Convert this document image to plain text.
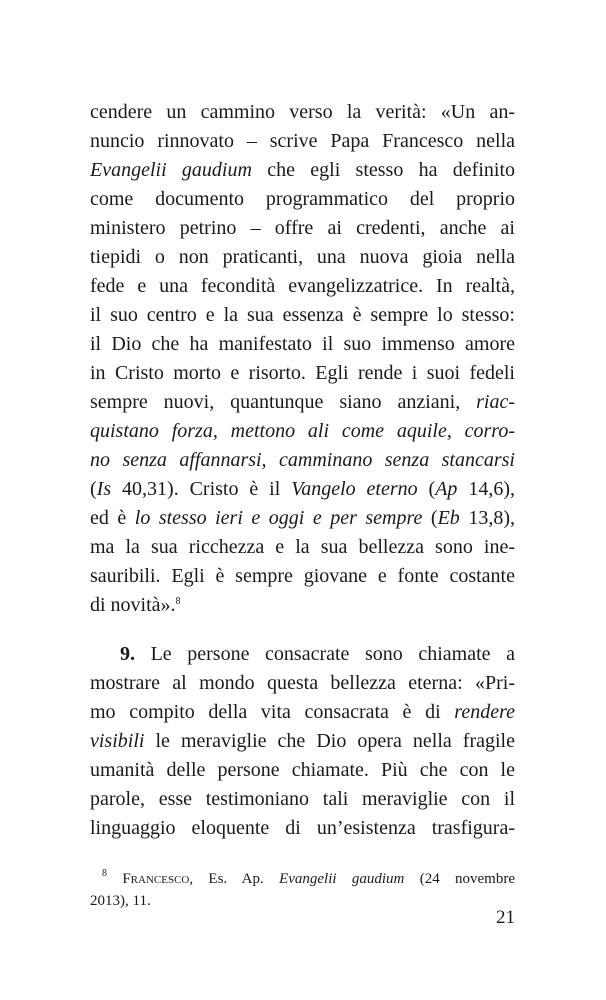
cendere un cammino verso la verità: «Un an-
nuncio rinnovato – scrive Papa Francesco nella
Evangelii gaudium che egli stesso ha definito
come documento programmatico del proprio
ministero petrino – offre ai credenti, anche ai
tiepidi o non praticanti, una nuova gioia nella
fede e una fecondità evangelizzatrice. In realtà,
il suo centro e la sua essenza è sempre lo stesso:
il Dio che ha manifestato il suo immenso amore
in Cristo morto e risorto. Egli rende i suoi fedeli
sempre nuovi, quantunque siano anziani, riac-
quistano forza, mettono ali come aquile, corro-
no senza affannarsi, camminano senza stancarsi
(Is 40,31). Cristo è il Vangelo eterno (Ap 14,6),
ed è lo stesso ieri e oggi e per sempre (Eb 13,8),
ma la sua ricchezza e la sua bellezza sono ine-
sauribili. Egli è sempre giovane e fonte costante
di novità».$^8$
9. Le persone consacrate sono chiamate a
mostrare al mondo questa bellezza eterna: «Pri-
mo compito della vita consacrata è di rendere
visibili le meraviglie che Dio opera nella fragile
umanità delle persone chiamate. Più che con le
parole, esse testimoniano tali meraviglie con il
linguaggio eloquente di un’esistenza trasfigura-
$^8$ Francesco, Es. Ap. Evangelii gaudium (24 novembre
2013), 11.
21
